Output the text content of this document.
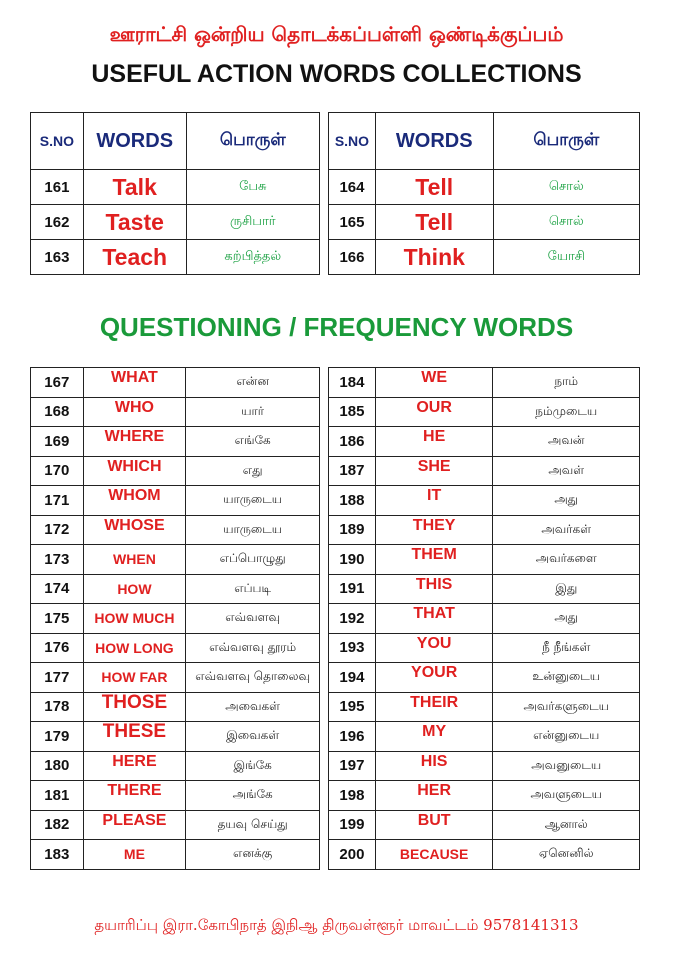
ஊராட்சி ஒன்றிய தொடக்கப்பள்ளி ஒண்டிக்குப்பம்
USEFUL ACTION WORDS COLLECTIONS
S.NO	WORDS	பொருள்
161	Talk	பேசு
162	Taste	ருசிபார்
163	Teach	கற்பித்தல்
S.NO	WORDS	பொருள்
164	Tell	சொல்
165	Tell	சொல்
166	Think	யோசி
QUESTIONING / FREQUENCY WORDS
167	WHAT	என்ன
168	WHO	யார்
169	WHERE	எங்கே
170	WHICH	எது
171	WHOM	யாருடைய
172	WHOSE	யாருடைய
173	WHEN	எப்பொழுது
174	HOW	எப்படி
175	HOW MUCH	எவ்வளவு
176	HOW LONG	எவ்வளவு தூரம்
177	HOW FAR	எவ்வளவு தொலைவு
178	THOSE	அவைகள்
179	THESE	இவைகள்
180	HERE	இங்கே
181	THERE	அங்கே
182	PLEASE	தயவு செய்து
183	ME	எனக்கு
184	WE	நாம்
185	OUR	நம்முடைய
186	HE	அவன்
187	SHE	அவள்
188	IT	அது
189	THEY	அவர்கள்
190	THEM	அவர்களை
191	THIS	இது
192	THAT	அது
193	YOU	நீ நீங்கள்
194	YOUR	உன்னுடைய
195	THEIR	அவர்களுடைய
196	MY	என்னுடைய
197	HIS	அவனுடைய
198	HER	அவளுடைய
199	BUT	ஆனால்
200	BECAUSE	ஏனெனில்
தயாரிப்பு இரா.கோபிநாத் இநிஆ திருவள்ளூர் மாவட்டம் 9578141313
